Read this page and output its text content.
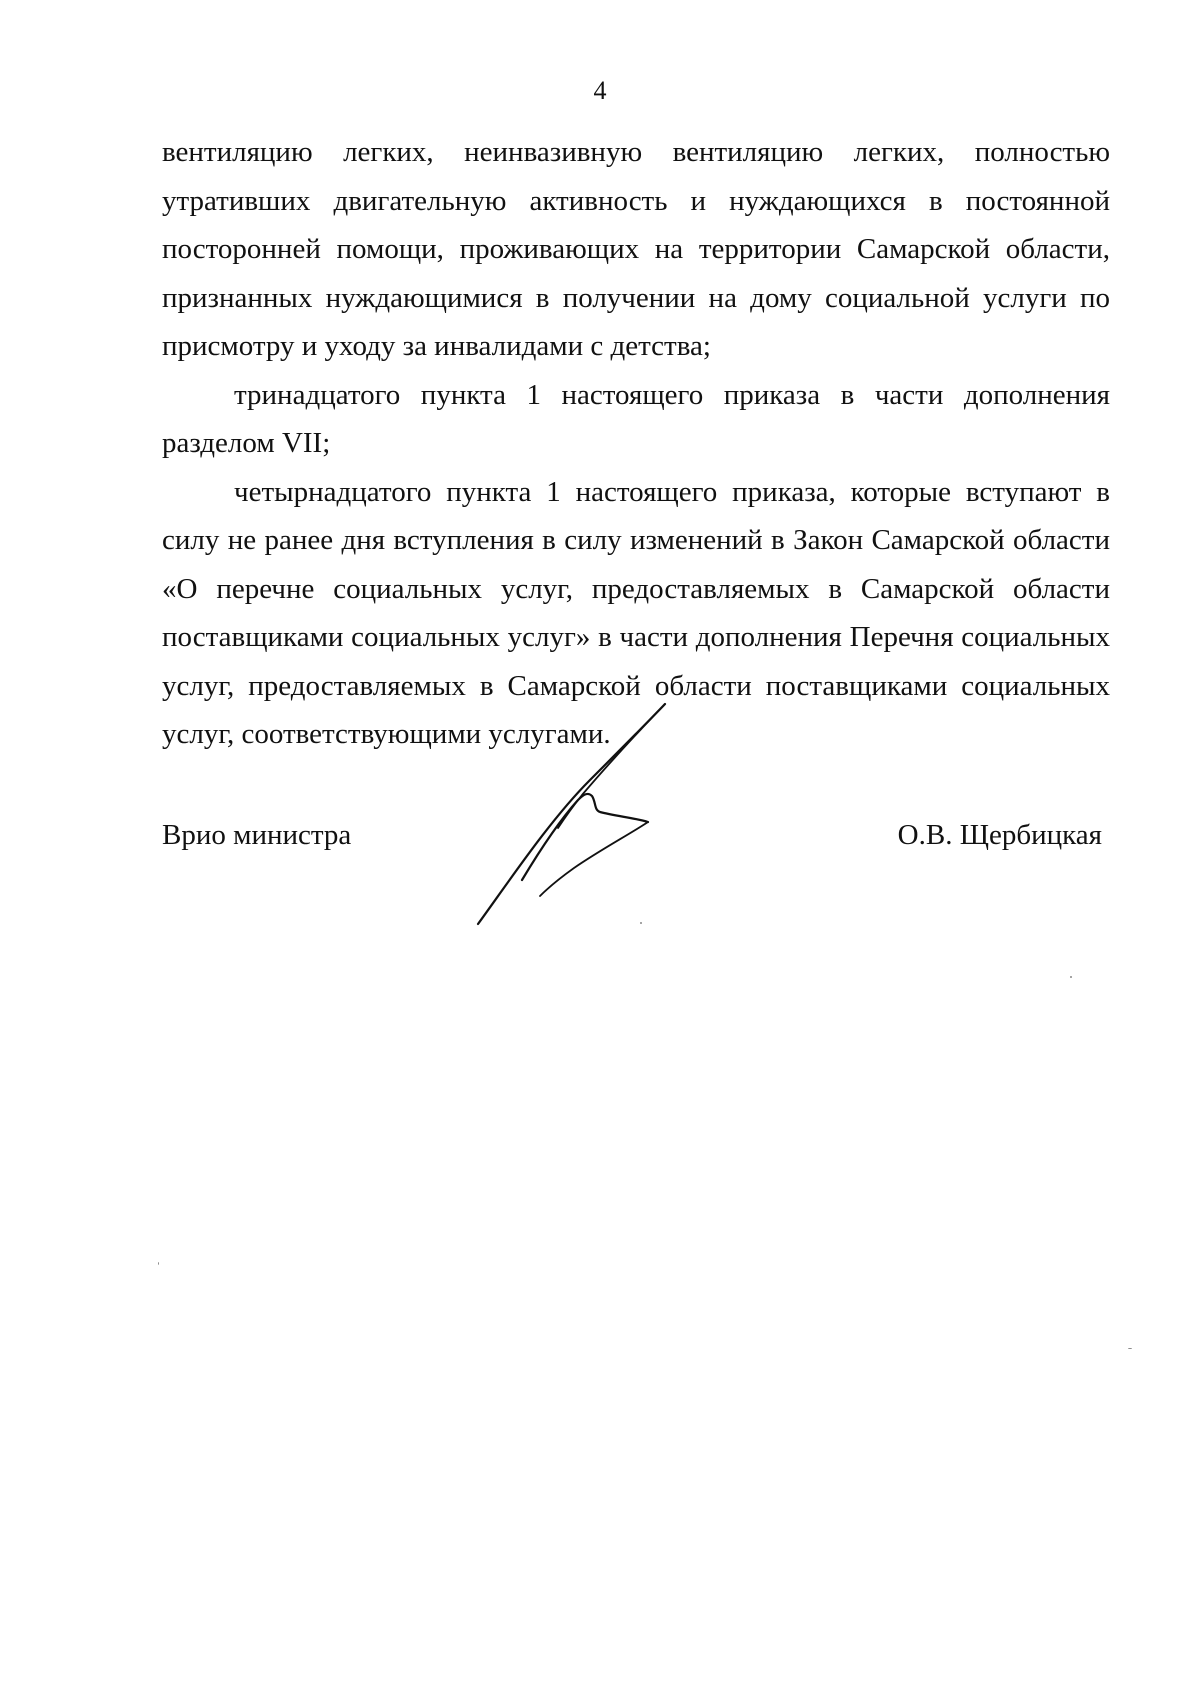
4

вентиляцию легких, неинвазивную вентиляцию легких, полностью утративших двигательную активность и нуждающихся в постоянной посторонней помощи, проживающих на территории Самарской области, признанных нуждающимися в получении на дому социальной услуги по присмотру и уходу за инвалидами с детства;

тринадцатого пункта 1 настоящего приказа в части дополнения разделом VII;

четырнадцатого пункта 1 настоящего приказа, которые вступают в силу не ранее дня вступления в силу изменений в Закон Самарской области «О перечне социальных услуг, предоставляемых в Самарской области поставщиками социальных услуг» в части дополнения Перечня социальных услуг, предоставляемых в Самарской области поставщиками социальных услуг, соответствующими услугами.

Врио министра	О.В. Щербицкая
